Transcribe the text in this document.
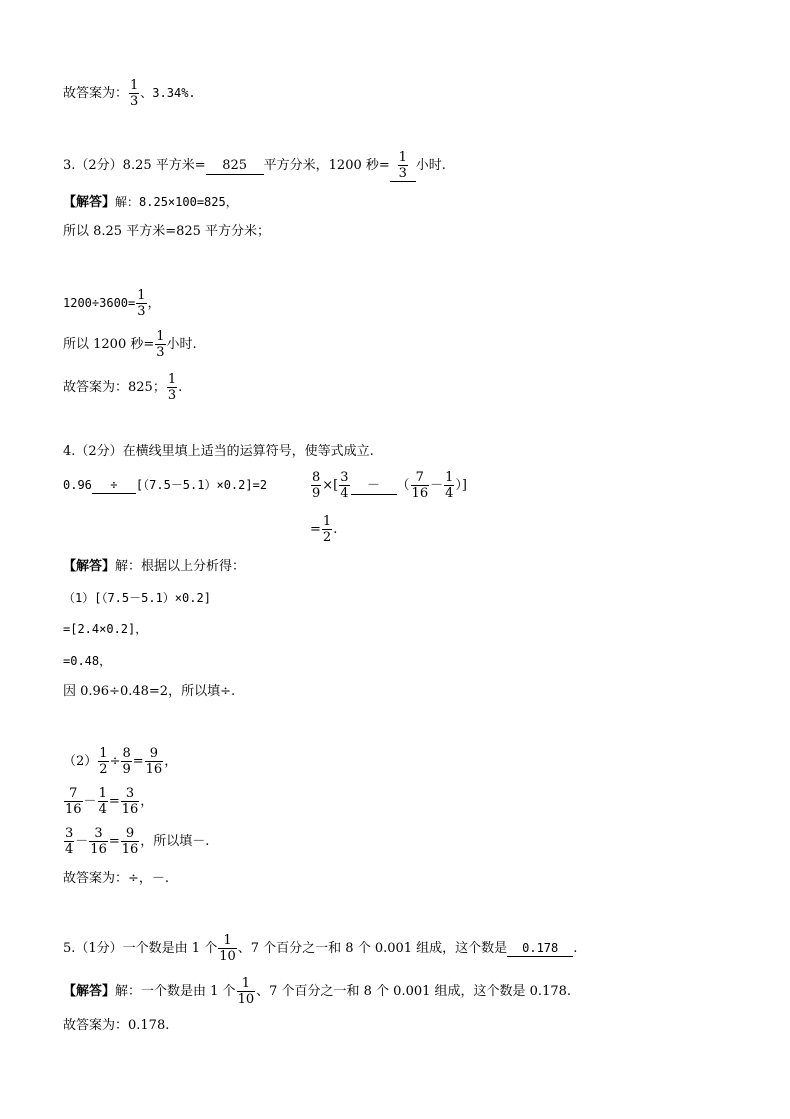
故答案为： $\frac{1}{3}$ 、3.34%.
3.（2分）8.25 平方米= 825 平方分米，1200 秒= $\frac{1}{3}$ 小时.
【解答】解：8.25×100=825，
所以 8.25 平方米=825 平方分米；
$1200\div 3600= \frac{1}{3}$ ，
所以 1200 秒= $\frac{1}{3}$ 小时.
故答案为：825； $\frac{1}{3}$ .
4.（2分）在横线里填上适当的运算符号，使等式成立.
0.96 ÷ [（7.5－5.1）×0.2]=2	$\frac{8}{9}$ ×[ $\frac{3}{4}$ － （ $\frac{7}{16} - \frac{1}{4}$ ）]
= $\frac{1}{2}$ .
【解答】解：根据以上分析得：
（1）[（7.5－5.1）×0.2]
=[2.4×0.2]，
=0.48，
因 0.96÷0.48=2，所以填÷.
$(2) \frac{1}{2} \div \frac{8}{9} = \frac{9}{16}$ ，
$\frac{7}{16} - \frac{1}{4} = \frac{3}{16}$ ，
$\frac{3}{4} - \frac{3}{16} = \frac{9}{16}$ ，所以填－.
故答案为：÷，－.
5.（1分）一个数是由 1 个 $\frac{1}{10}$ 、7 个百分之一和 8 个 0.001 组成，这个数是 0.178 .
【解答】解：一个数是由 1 个 $\frac{1}{10}$ 、7 个百分之一和 8 个 0.001 组成，这个数是 0.178.
故答案为：0.178.
